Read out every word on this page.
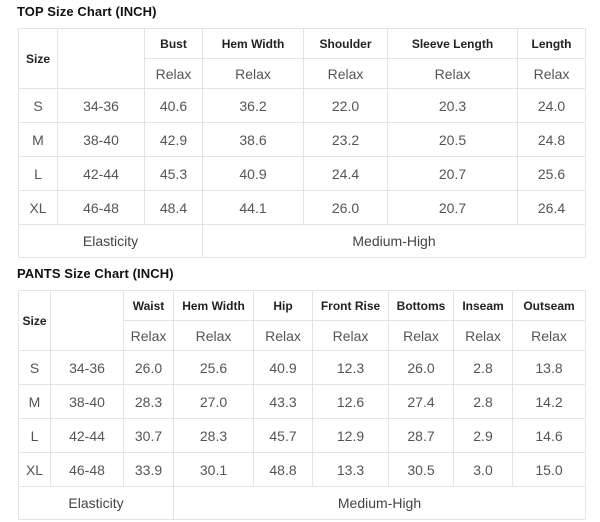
TOP Size Chart (INCH)
Size	Euro Size	Bust	Hem Width	Shoulder	Sleeve Length	Length
		Relax	Relax	Relax	Relax	Relax
S	34-36	40.6	36.2	22.0	20.3	24.0
M	38-40	42.9	38.6	23.2	20.5	24.8
L	42-44	45.3	40.9	24.4	20.7	25.6
XL	46-48	48.4	44.1	26.0	20.7	26.4
Elasticity			Medium-High			
PANTS Size Chart (INCH)
Size	Euro Size	Waist	Hem Width	Hip	Front Rise	Bottoms	Inseam	Outseam
		Relax	Relax	Relax	Relax	Relax	Relax	Relax
S	34-36	26.0	25.6	40.9	12.3	26.0	2.8	13.8
M	38-40	28.3	27.0	43.3	12.6	27.4	2.8	14.2
L	42-44	30.7	28.3	45.7	12.9	28.7	2.9	14.6
XL	46-48	33.9	30.1	48.8	13.3	30.5	3.0	15.0
Elasticity			Medium-High					
